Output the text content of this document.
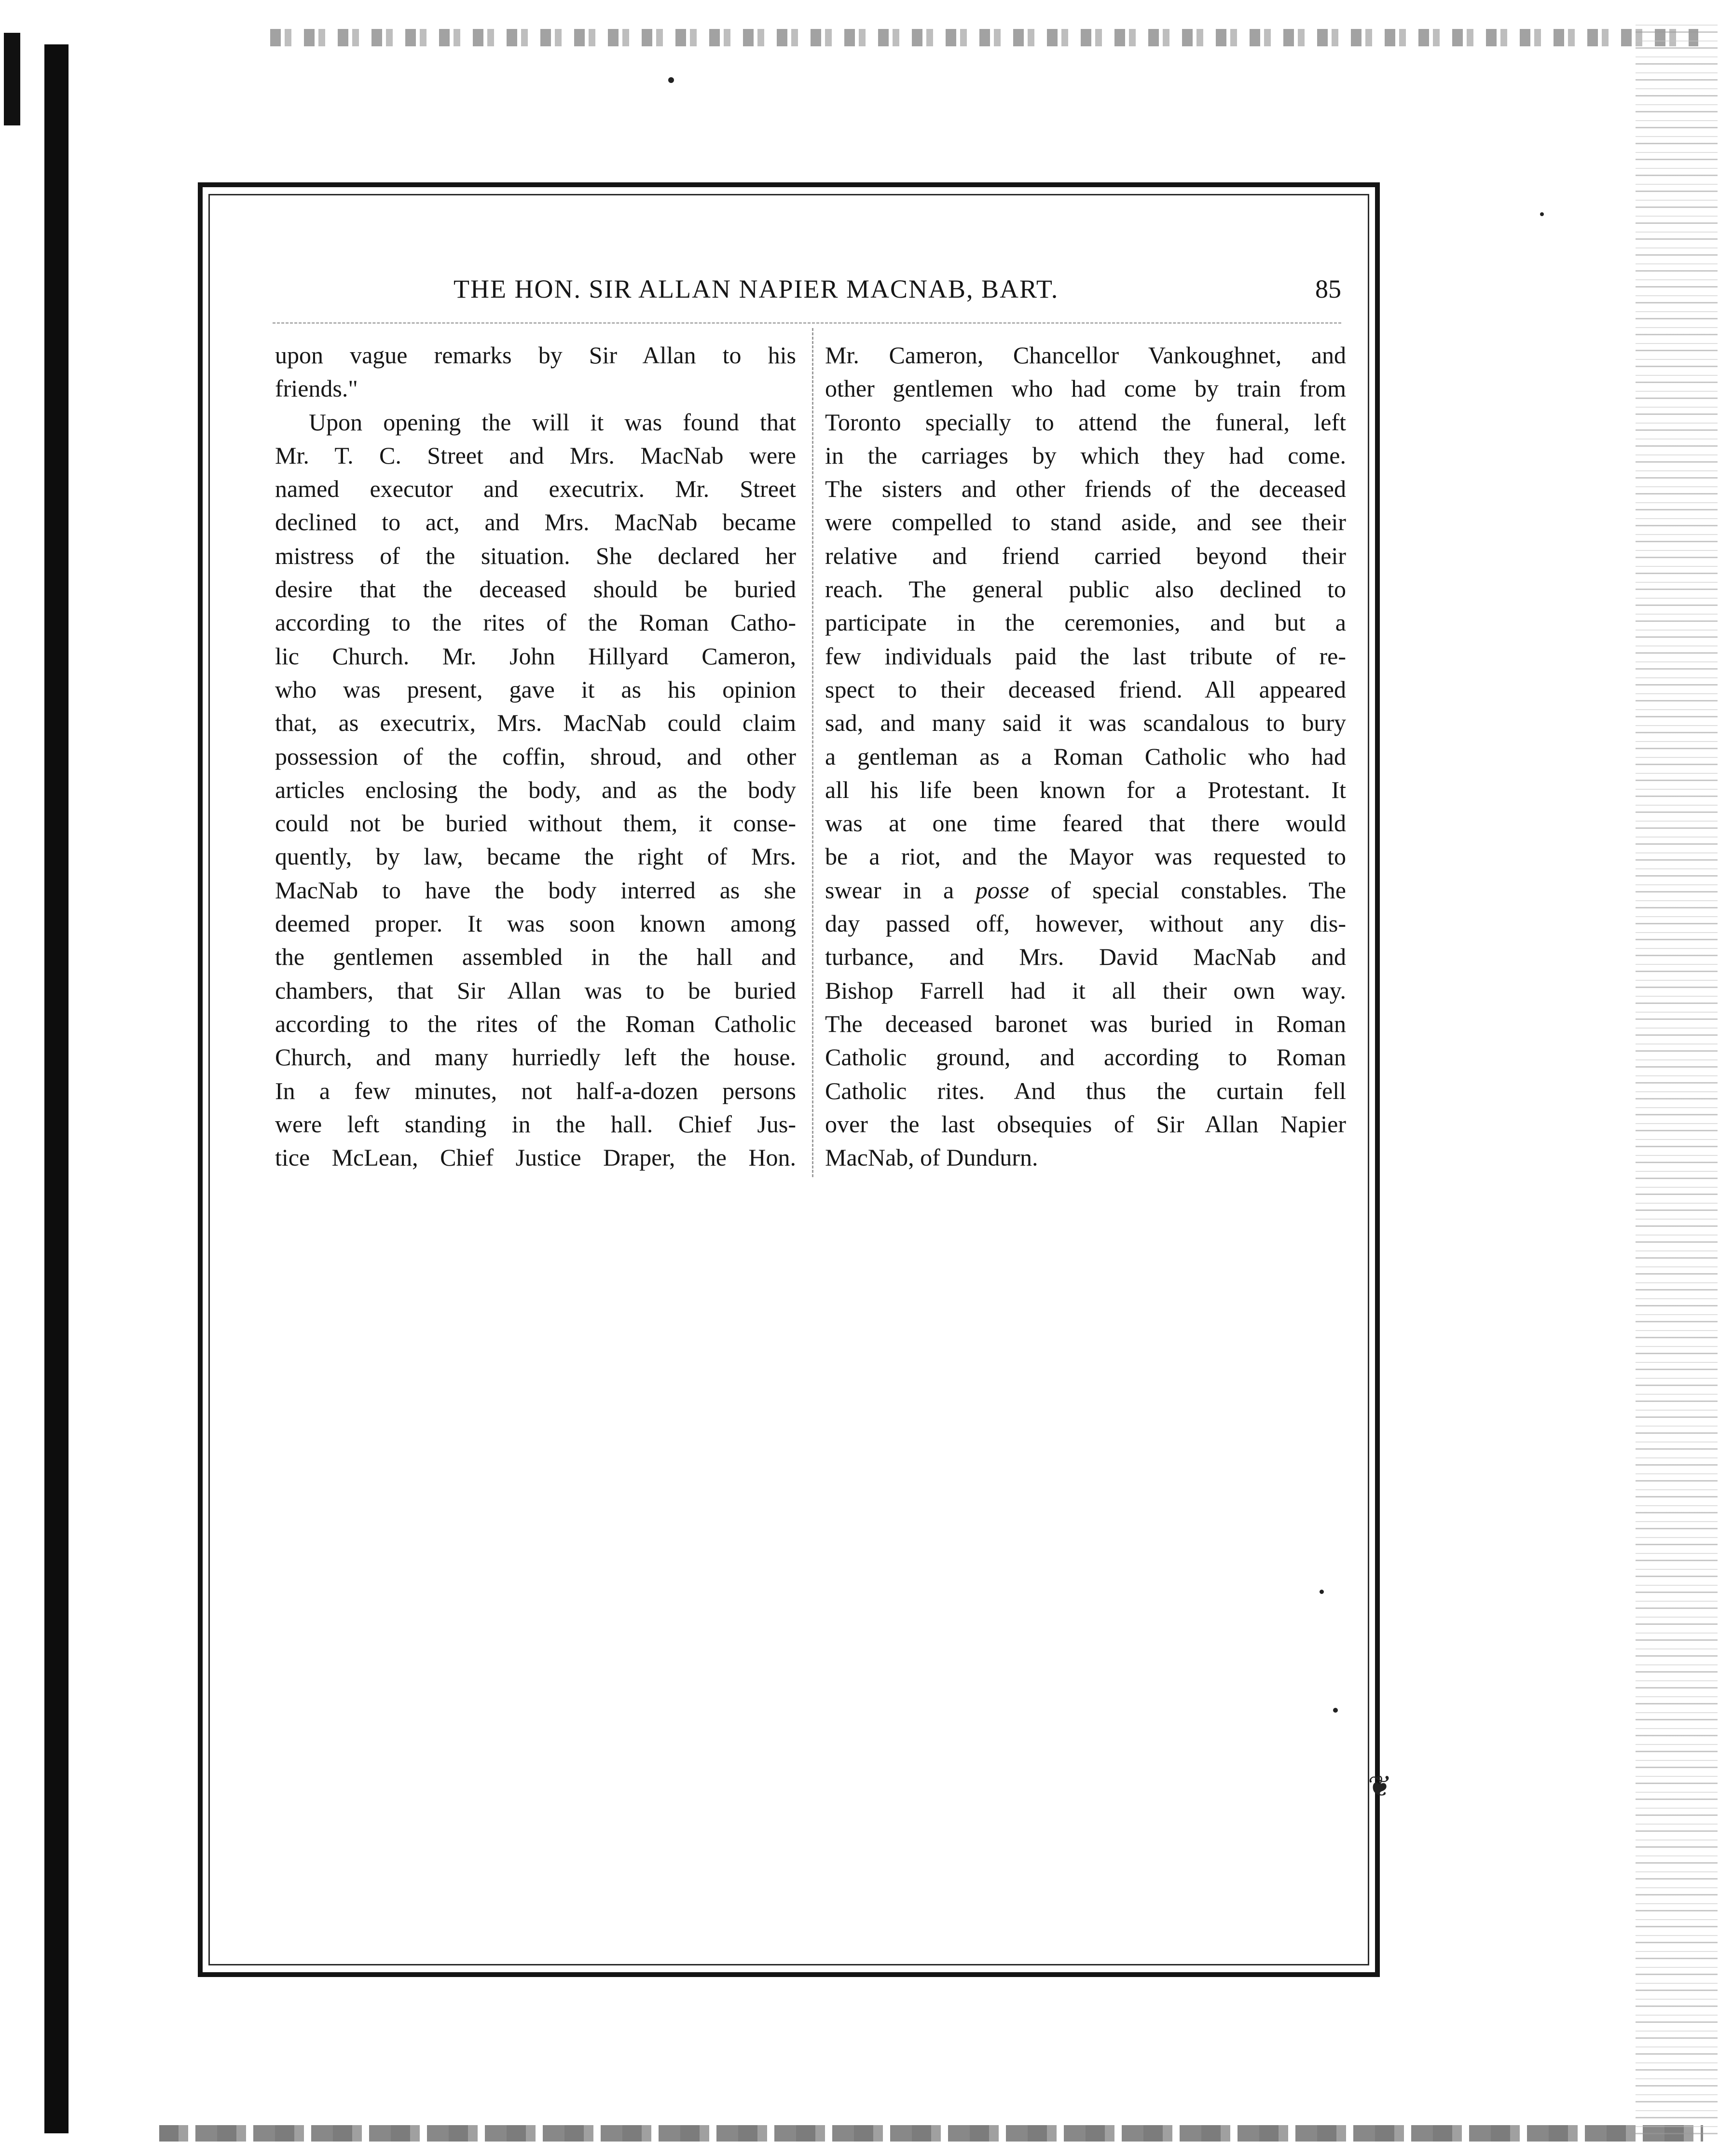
THE HON. SIR ALLAN NAPIER MACNAB, BART.	85
upon vague remarks by Sir Allan to his
friends."
Upon opening the will it was found that
Mr. T. C. Street and Mrs. MacNab were
named executor and executrix. Mr. Street
declined to act, and Mrs. MacNab became
mistress of the situation. She declared her
desire that the deceased should be buried
according to the rites of the Roman Catho-
lic Church. Mr. John Hillyard Cameron,
who was present, gave it as his opinion
that, as executrix, Mrs. MacNab could claim
possession of the coffin, shroud, and other
articles enclosing the body, and as the body
could not be buried without them, it conse-
quently, by law, became the right of Mrs.
MacNab to have the body interred as she
deemed proper. It was soon known among
the gentlemen assembled in the hall and
chambers, that Sir Allan was to be buried
according to the rites of the Roman Catholic
Church, and many hurriedly left the house.
In a few minutes, not half-a-dozen persons
were left standing in the hall. Chief Jus-
tice McLean, Chief Justice Draper, the Hon.
Mr. Cameron, Chancellor Vankoughnet, and
other gentlemen who had come by train from
Toronto specially to attend the funeral, left
in the carriages by which they had come.
The sisters and other friends of the deceased
were compelled to stand aside, and see their
relative and friend carried beyond their
reach. The general public also declined to
participate in the ceremonies, and but a
few individuals paid the last tribute of re-
spect to their deceased friend. All appeared
sad, and many said it was scandalous to bury
a gentleman as a Roman Catholic who had
all his life been known for a Protestant. It
was at one time feared that there would
be a riot, and the Mayor was requested to
swear in a posse of special constables. The
day passed off, however, without any dis-
turbance, and Mrs. David MacNab and
Bishop Farrell had it all their own way.
The deceased baronet was buried in Roman
Catholic ground, and according to Roman
Catholic rites. And thus the curtain fell
over the last obsequies of Sir Allan Napier
MacNab, of Dundurn.
❦
